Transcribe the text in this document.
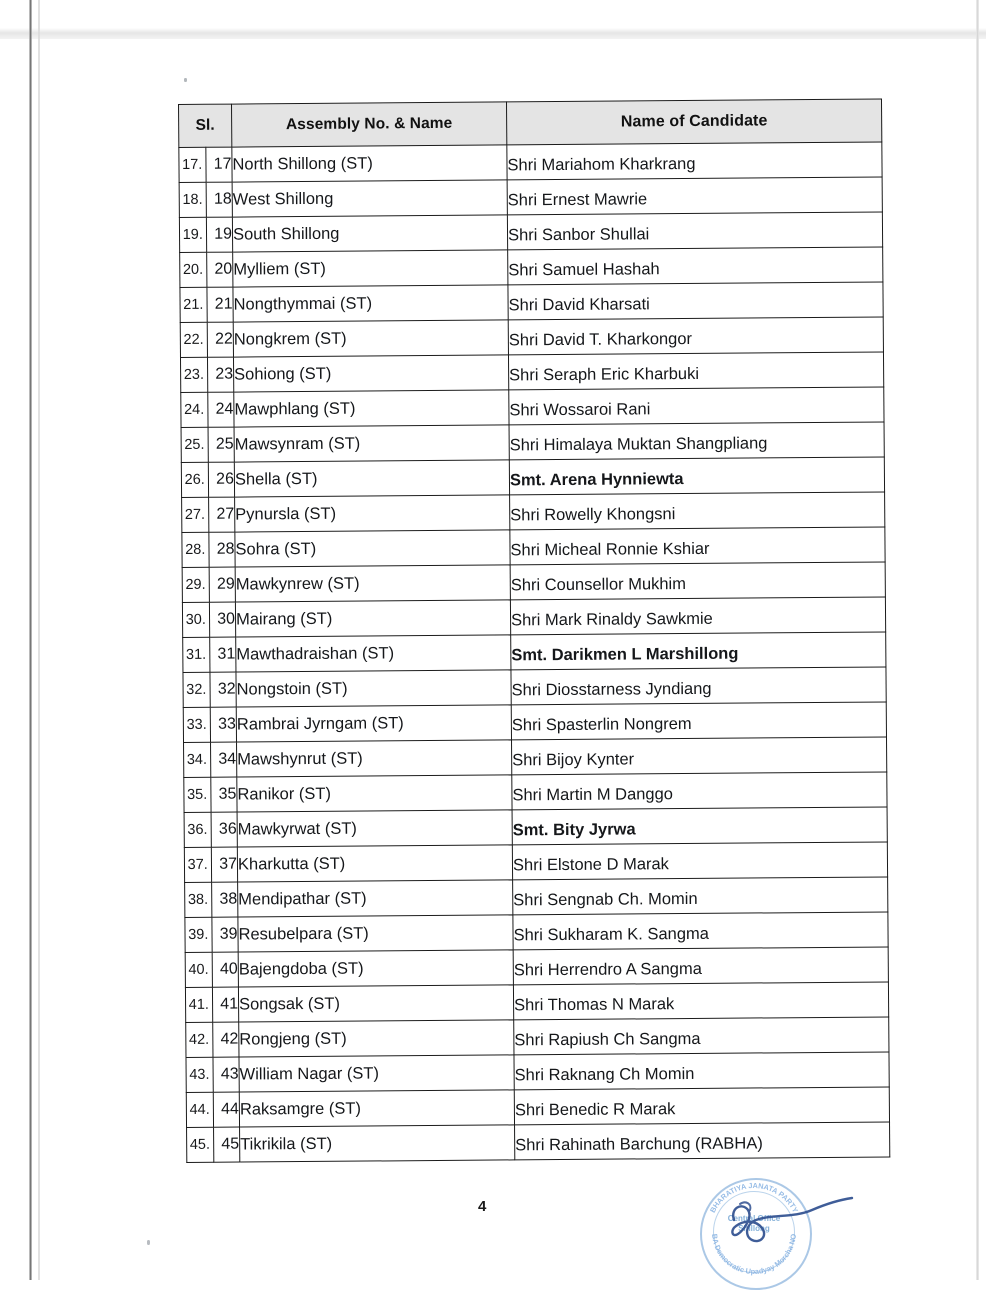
Sl.		Assembly No. & Name	Name of Candidate
17.	17	North Shillong (ST)	Shri Mariahom Kharkrang

18.	18	West Shillong	Shri Ernest Mawrie

19.	19	South Shillong	Shri Sanbor Shullai

20.	20	Mylliem (ST)	Shri Samuel Hashah

21.	21	Nongthymmai (ST)	Shri David Kharsati

22.	22	Nongkrem (ST)	Shri David T. Kharkongor

23.	23	Sohiong (ST)	Shri Seraph Eric Kharbuki

24.	24	Mawphlang (ST)	Shri Wossaroi Rani

25.	25	Mawsynram (ST)	Shri Himalaya Muktan Shangpliang

26.	26	Shella (ST)	Smt. Arena Hynniewta

27.	27	Pynursla (ST)	Shri Rowelly Khongsni

28.	28	Sohra (ST)	Shri Micheal Ronnie Kshiar

29.	29	Mawkynrew (ST)	Shri Counsellor Mukhim

30.	30	Mairang (ST)	Shri Mark Rinaldy Sawkmie

31.	31	Mawthadraishan (ST)	Smt. Darikmen L Marshillong

32.	32	Nongstoin (ST)	Shri Diosstarness Jyndiang

33.	33	Rambrai Jyrngam (ST)	Shri Spasterlin Nongrem

34.	34	Mawshynrut (ST)	Shri Bijoy Kynter

35.	35	Ranikor (ST)	Shri Martin M Danggo

36.	36	Mawkyrwat (ST)	Smt. Bity Jyrwa

37.	37	Kharkutta (ST)	Shri Elstone D Marak

38.	38	Mendipathar (ST)	Shri Sengnab Ch. Momin

39.	39	Resubelpara (ST)	Shri Sukharam K. Sangma

40.	40	Bajengdoba (ST)	Shri Herrendro A Sangma

41.	41	Songsak (ST)	Shri Thomas N Marak

42.	42	Rongjeng (ST)	Shri Rapiush Ch Sangma

43.	43	William Nagar (ST)	Shri Raknang Ch Momin

44.	44	Raksamgre (ST)	Shri Benedic R Marak

45.	45	Tikrikila (ST)	Shri Rahinath Barchung (RABHA)
4	BHARATIYA JANATA PARTY
BA Democratic Upadyay Morcha NO
Central Office
Shillong
